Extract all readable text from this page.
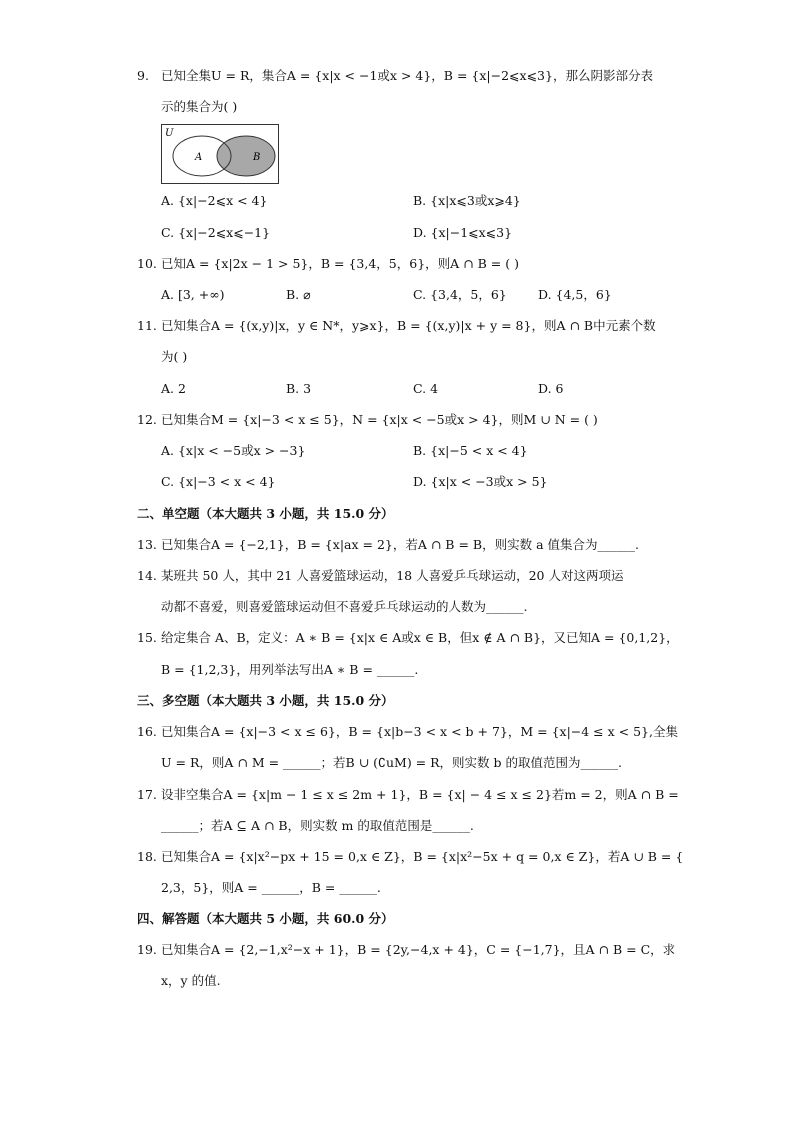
9. 已知全集U = R，集合A = {x|x < −1或x > 4}，B = {x|−2⩽x⩽3}，那么阴影部分表
示的集合为( )
U
A	B
A. {x|−2⩽x < 4}	B. {x|x⩽3或x⩾4}
C. {x|−2⩽x⩽−1}	D. {x|−1⩽x⩽3}
10. 已知A = {x|2x − 1 > 5}，B = {3,4，5，6}，则A ∩ B = ( )
A. [3, +∞)	B. ⌀	C. {3,4，5，6} D. {4,5，6}
11. 已知集合A = {(x,y)|x，y ∈ N*，y⩾x}，B = {(x,y)|x + y = 8}，则A ∩ B中元素个数
为( )
A. 2	B. 3	C. 4	D. 6
12. 已知集合M = {x|−3 < x ≤ 5}，N = {x|x < −5或x > 4}，则M ∪ N = ( )
A. {x|x < −5或x > −3}	B. {x|−5 < x < 4}
C. {x|−3 < x < 4}	D. {x|x < −3或x > 5}
二、单空题（本大题共 3 小题，共 15.0 分）
13. 已知集合A = {−2,1}，B = {x|ax = 2}，若A ∩ B = B，则实数 a 值集合为______.
14. 某班共 50 人，其中 21 人喜爱篮球运动，18 人喜爱乒乓球运动，20 人对这两项运
动都不喜爱，则喜爱篮球运动但不喜爱乒乓球运动的人数为______.
15. 给定集合 A、B，定义：A ∗ B = {x|x ∈ A或x ∈ B，但x ∉ A ∩ B}，又已知A = {0,1,2}，
B = {1,2,3}，用列举法写出A ∗ B = ______.
三、多空题（本大题共 3 小题，共 15.0 分）
16. 已知集合A = {x|−3 < x ≤ 6}，B = {x|b−3 < x < b + 7}，M = {x|−4 ≤ x < 5},全集
U = R，则A ∩ M = ______；若B ∪ (∁uM) = R，则实数 b 的取值范围为______.
17. 设非空集合A = {x|m − 1 ≤ x ≤ 2m + 1}，B = {x| − 4 ≤ x ≤ 2}若m = 2，则A ∩ B =
______；若A ⊆ A ∩ B，则实数 m 的取值范围是______.
18. 已知集合A = {x|x²−px + 15 = 0,x ∈ Z}，B = {x|x²−5x + q = 0,x ∈ Z}，若A ∪ B = {
2,3，5}，则A = ______，B = ______.
四、解答题（本大题共 5 小题，共 60.0 分）
19. 已知集合A = {2,−1,x²−x + 1}，B = {2y,−4,x + 4}，C = {−1,7}，且A ∩ B = C，求
x，y 的值.
